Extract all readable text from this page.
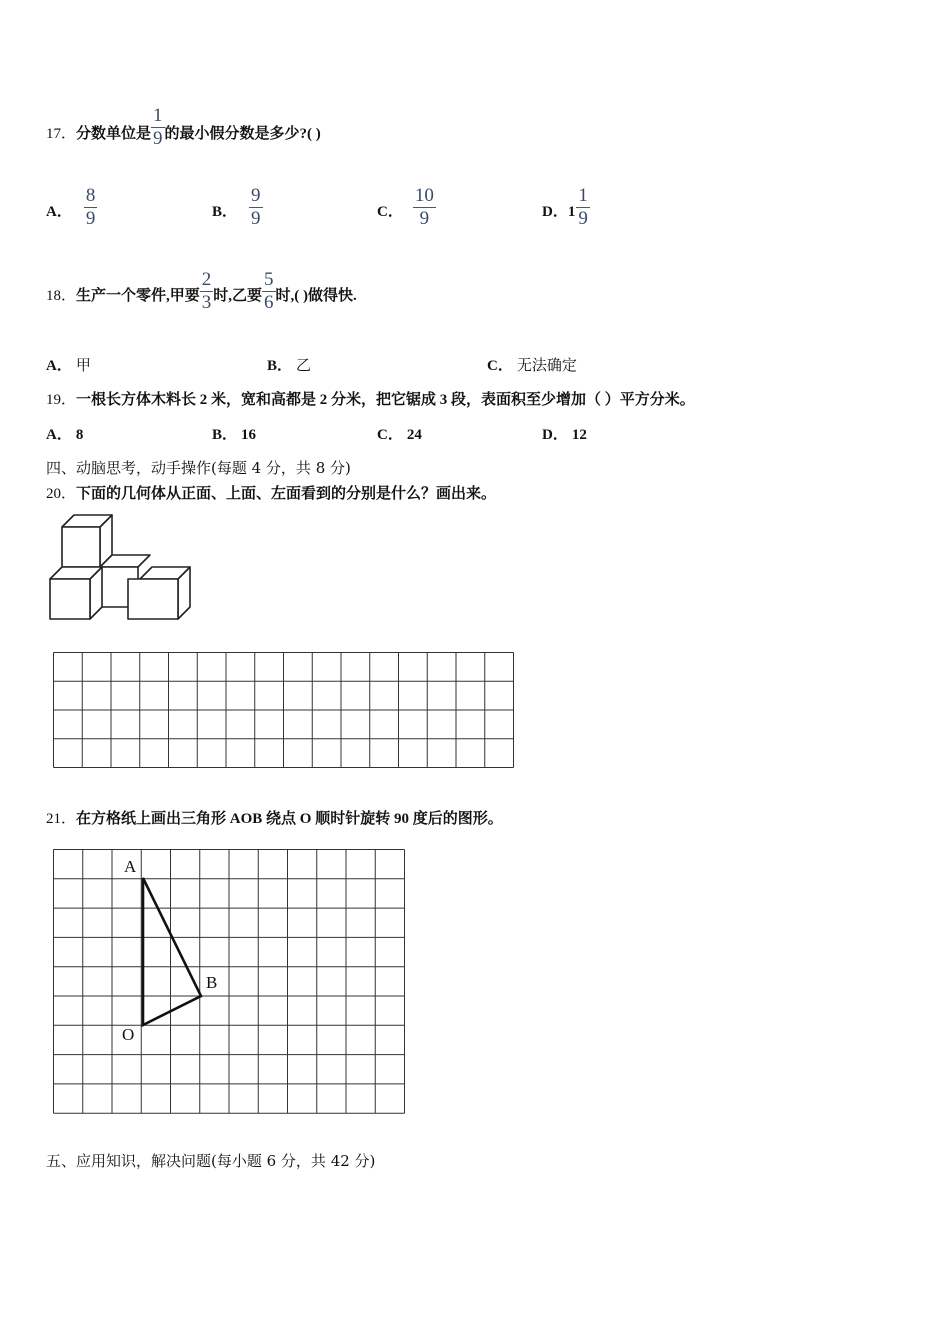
17．分数单位是 $\frac{1}{9}$ 的最小假分数是多少?( )
A． $\frac{8}{9}$	B． $\frac{9}{9}$	C． $\frac{10}{9}$	D．$1 \frac{1}{9}$
18．生产一个零件,甲要 $\frac{2}{3}$ 时,乙要 $\frac{5}{6}$ 时,( )做得快.
A． 甲	B． 乙	C． 无法确定
19．一根长方体木料长 2 米，宽和高都是 2 分米，把它锯成 3 段，表面积至少增加（ ）平方分米。
A． 8	B． 16	C． 24	D． 12
四、动脑思考，动手操作(每题 4 分，共 8 分)
20．下面的几何体从正面、上面、左面看到的分别是什么？画出来。
21．在方格纸上画出三角形 AOB 绕点 O 顺时针旋转 90 度后的图形。
A
B
O
五、应用知识，解决问题(每小题 6 分，共 42 分)
